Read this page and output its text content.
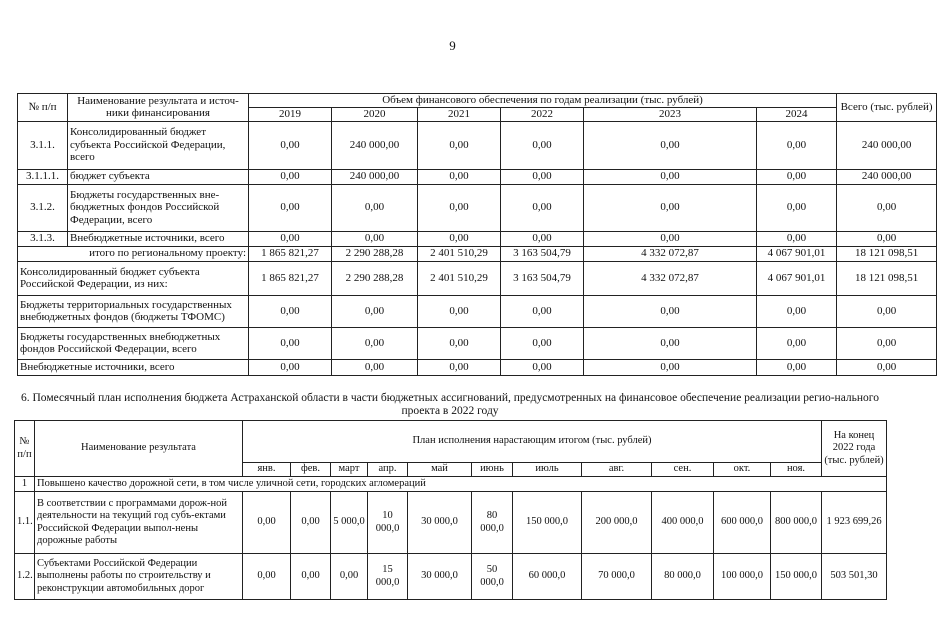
9
№ п/п	Наименование результата и источ-ники финансирования	Объем финансового обеспечения по годам реализации (тыс. рублей)						Всего (тыс. рублей)
		2019	2020	2021	2022	2023	2024	
3.1.1.	Консолидированный бюджет субъекта Российской Федерации, всего	0,00	240 000,00	0,00	0,00	0,00	0,00	240 000,00
3.1.1.1.	бюджет субъекта	0,00	240 000,00	0,00	0,00	0,00	0,00	240 000,00
3.1.2.	Бюджеты государственных вне-бюджетных фондов Российской Федерации, всего	0,00	0,00	0,00	0,00	0,00	0,00	0,00
3.1.3.	Внебюджетные источники, всего	0,00	0,00	0,00	0,00	0,00	0,00	0,00
итого по региональному проекту:		1 865 821,27	2 290 288,28	2 401 510,29	3 163 504,79	4 332 072,87	4 067 901,01	18 121 098,51
Консолидированный бюджет субъекта Российской Федерации, из них:		1 865 821,27	2 290 288,28	2 401 510,29	3 163 504,79	4 332 072,87	4 067 901,01	18 121 098,51
Бюджеты территориальных государственных внебюджетных фондов (бюджеты ТФОМС)		0,00	0,00	0,00	0,00	0,00	0,00	0,00
Бюджеты государственных внебюджетных фондов Российской Федерации, всего		0,00	0,00	0,00	0,00	0,00	0,00	0,00
Внебюджетные источники, всего		0,00	0,00	0,00	0,00	0,00	0,00	0,00
6. Помесячный план исполнения бюджета Астраханской области в части бюджетных ассигнований, предусмотренных на финансовое обеспечение реализации регио-нального проекта в 2022 году
№ п/п	Наименование результата	План исполнения нарастающим итогом (тыс. рублей)											На конец 2022 года (тыс. рублей)
		янв.	фев.	март	апр.	май	июнь	июль	авг.	сен.	окт.	ноя.	
1	Повышено качество дорожной сети, в том числе уличной сети, городских агломераций												
1.1.	В соответствии с программами дорож-ной деятельности на текущий год субъ-ектами Российской Федерации выпол-нены дорожные работы	0,00	0,00	5 000,0	10 000,0	30 000,0	80 000,0	150 000,0	200 000,0	400 000,0	600 000,0	800 000,0	1 923 699,26
1.2.	Субъектами Российской Федерации выполнены работы по строительству и реконструкции автомобильных дорог	0,00	0,00	0,00	15 000,0	30 000,0	50 000,0	60 000,0	70 000,0	80 000,0	100 000,0	150 000,0	503 501,30
